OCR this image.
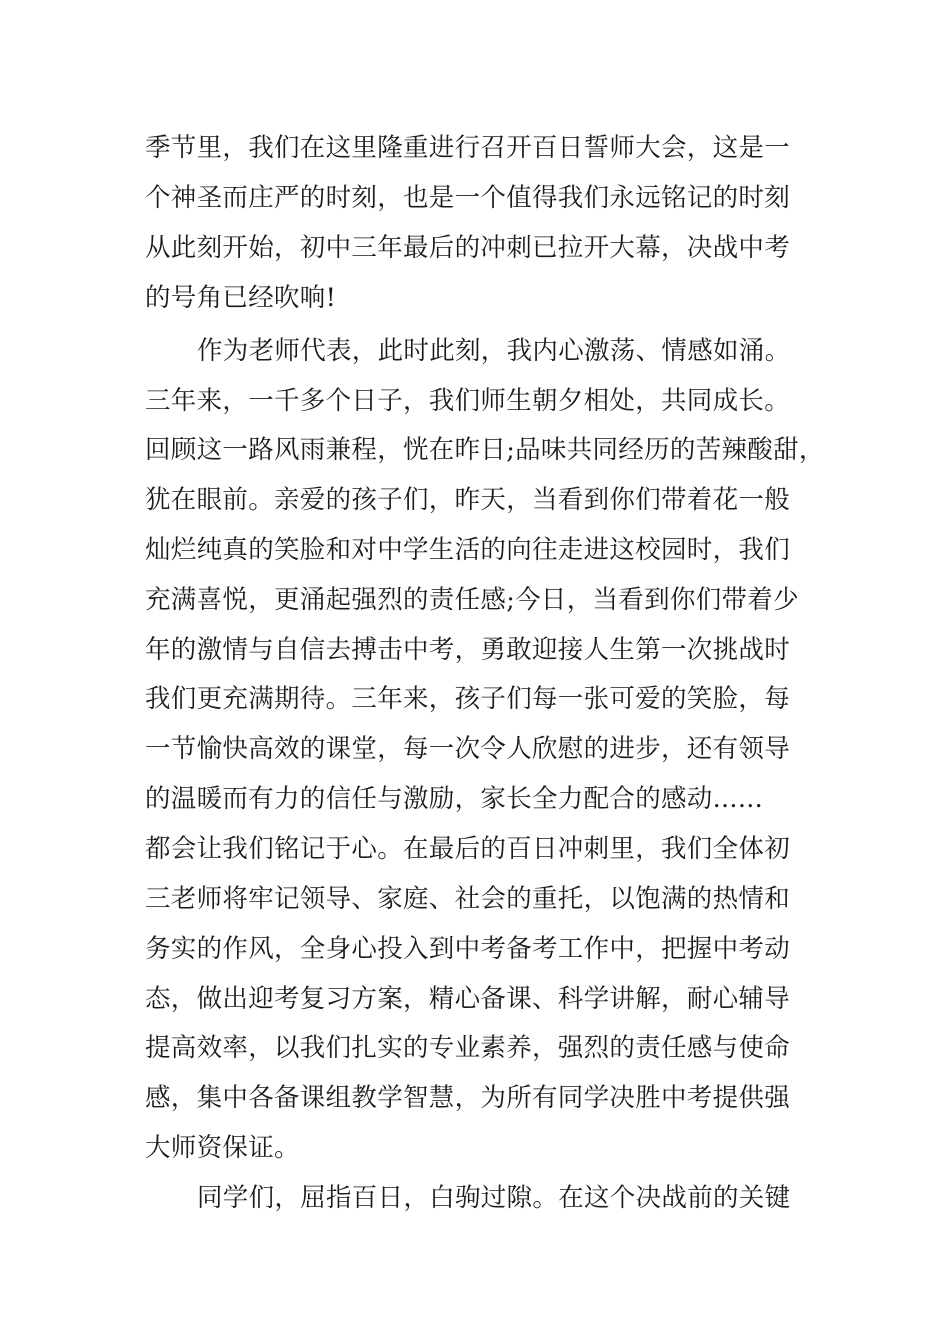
季节里，我们在这里隆重进行召开百日誓师大会，这是一
个神圣而庄严的时刻，也是一个值得我们永远铭记的时刻
从此刻开始，初中三年最后的冲刺已拉开大幕，决战中考
的号角已经吹响!
作为老师代表，此时此刻，我内心激荡、情感如涌。
三年来，一千多个日子，我们师生朝夕相处，共同成长。
回顾这一路风雨兼程，恍在昨日;品味共同经历的苦辣酸甜，
犹在眼前。亲爱的孩子们，昨天，当看到你们带着花一般
灿烂纯真的笑脸和对中学生活的向往走进这校园时，我们
充满喜悦，更涌起强烈的责任感;今日，当看到你们带着少
年的激情与自信去搏击中考，勇敢迎接人生第一次挑战时
我们更充满期待。三年来，孩子们每一张可爱的笑脸，每
一节愉快高效的课堂，每一次令人欣慰的进步，还有领导
的温暖而有力的信任与激励，家长全力配合的感动......
都会让我们铭记于心。在最后的百日冲刺里，我们全体初
三老师将牢记领导、家庭、社会的重托，以饱满的热情和
务实的作风，全身心投入到中考备考工作中，把握中考动
态，做出迎考复习方案，精心备课、科学讲解，耐心辅导
提高效率，以我们扎实的专业素养，强烈的责任感与使命
感，集中各备课组教学智慧，为所有同学决胜中考提供强
大师资保证。
同学们，屈指百日，白驹过隙。在这个决战前的关键
